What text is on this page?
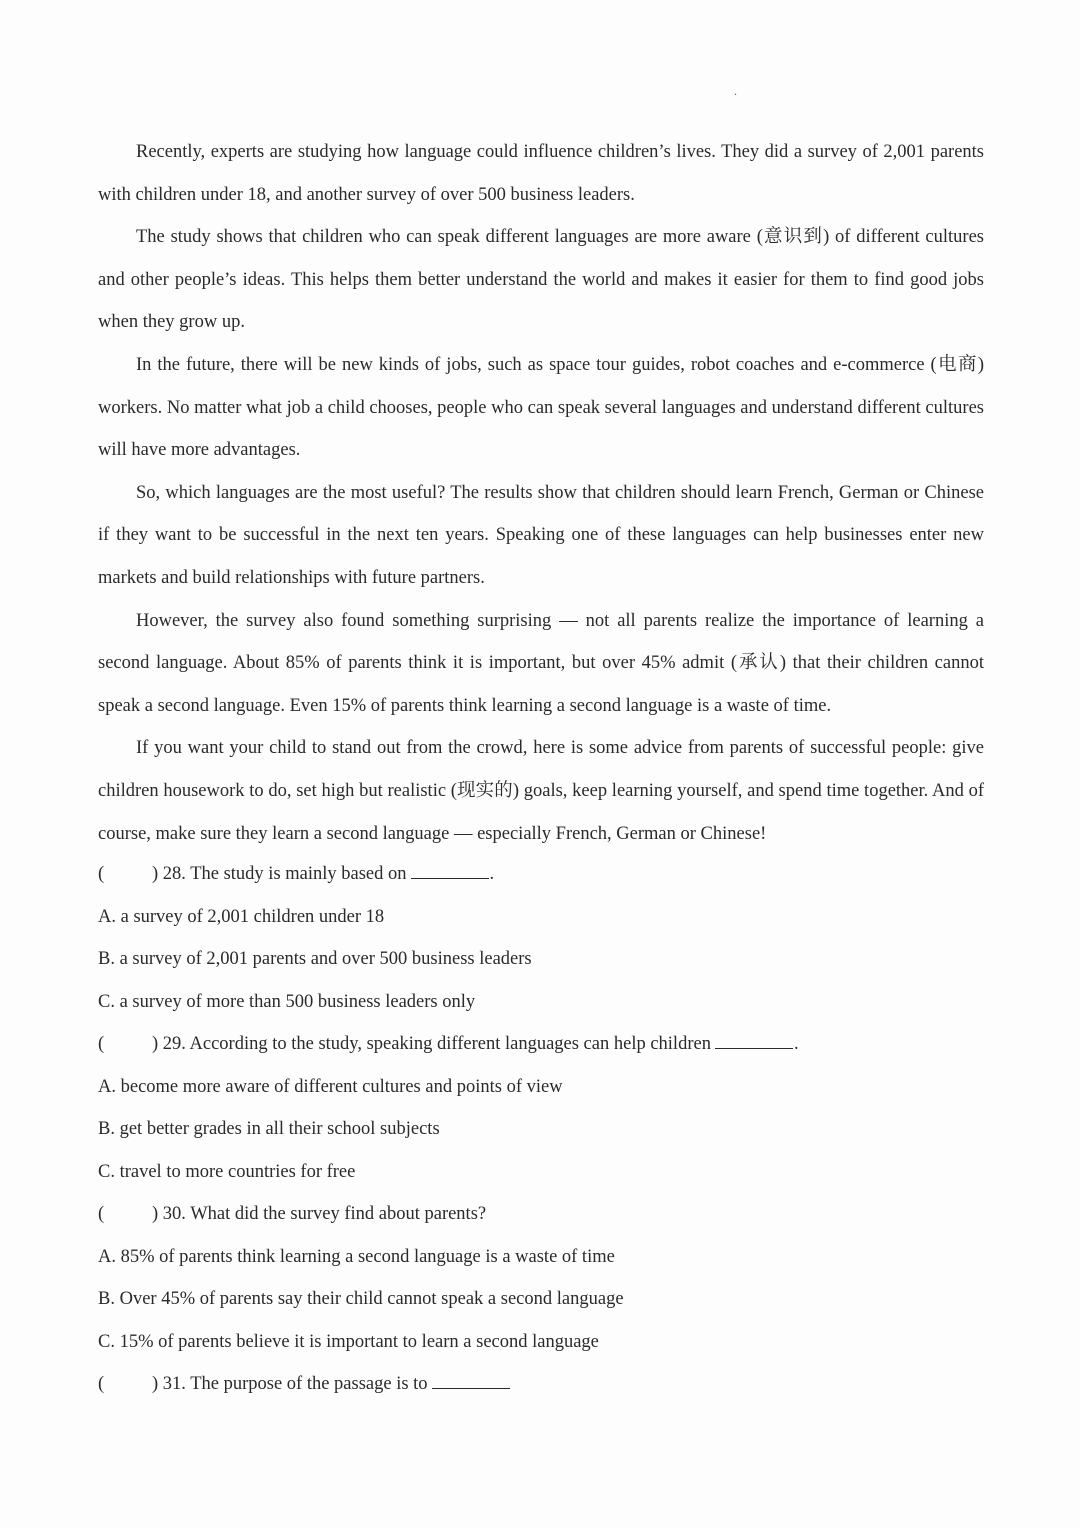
.

Recently, experts are studying how language could influence children’s lives. They did a survey of 2,001 parents with children under 18, and another survey of over 500 business leaders.

The study shows that children who can speak different languages are more aware (意识到) of different cultures and other people’s ideas. This helps them better understand the world and makes it easier for them to find good jobs when they grow up.

In the future, there will be new kinds of jobs, such as space tour guides, robot coaches and e-commerce (电商) workers. No matter what job a child chooses, people who can speak several languages and understand different cultures will have more advantages.

So, which languages are the most useful? The results show that children should learn French, German or Chinese if they want to be successful in the next ten years. Speaking one of these languages can help businesses enter new markets and build relationships with future partners.

However, the survey also found something surprising — not all parents realize the importance of learning a second language. About 85% of parents think it is important, but over 45% admit (承认) that their children cannot speak a second language. Even 15% of parents think learning a second language is a waste of time.

If you want your child to stand out from the crowd, here is some advice from parents of successful people: give children housework to do, set high but realistic (现实的) goals, keep learning yourself, and spend time together. And of course, make sure they learn a second language — especially French, German or Chinese!

(	) 28. The study is mainly based on	.
A. a survey of 2,001 children under 18
B. a survey of 2,001 parents and over 500 business leaders
C. a survey of more than 500 business leaders only
(	) 29. According to the study, speaking different languages can help children	.
A. become more aware of different cultures and points of view
B. get better grades in all their school subjects
C. travel to more countries for free
(	) 30. What did the survey find about parents?
A. 85% of parents think learning a second language is a waste of time
B. Over 45% of parents say their child cannot speak a second language
C. 15% of parents believe it is important to learn a second language
(	) 31. The purpose of the passage is to
